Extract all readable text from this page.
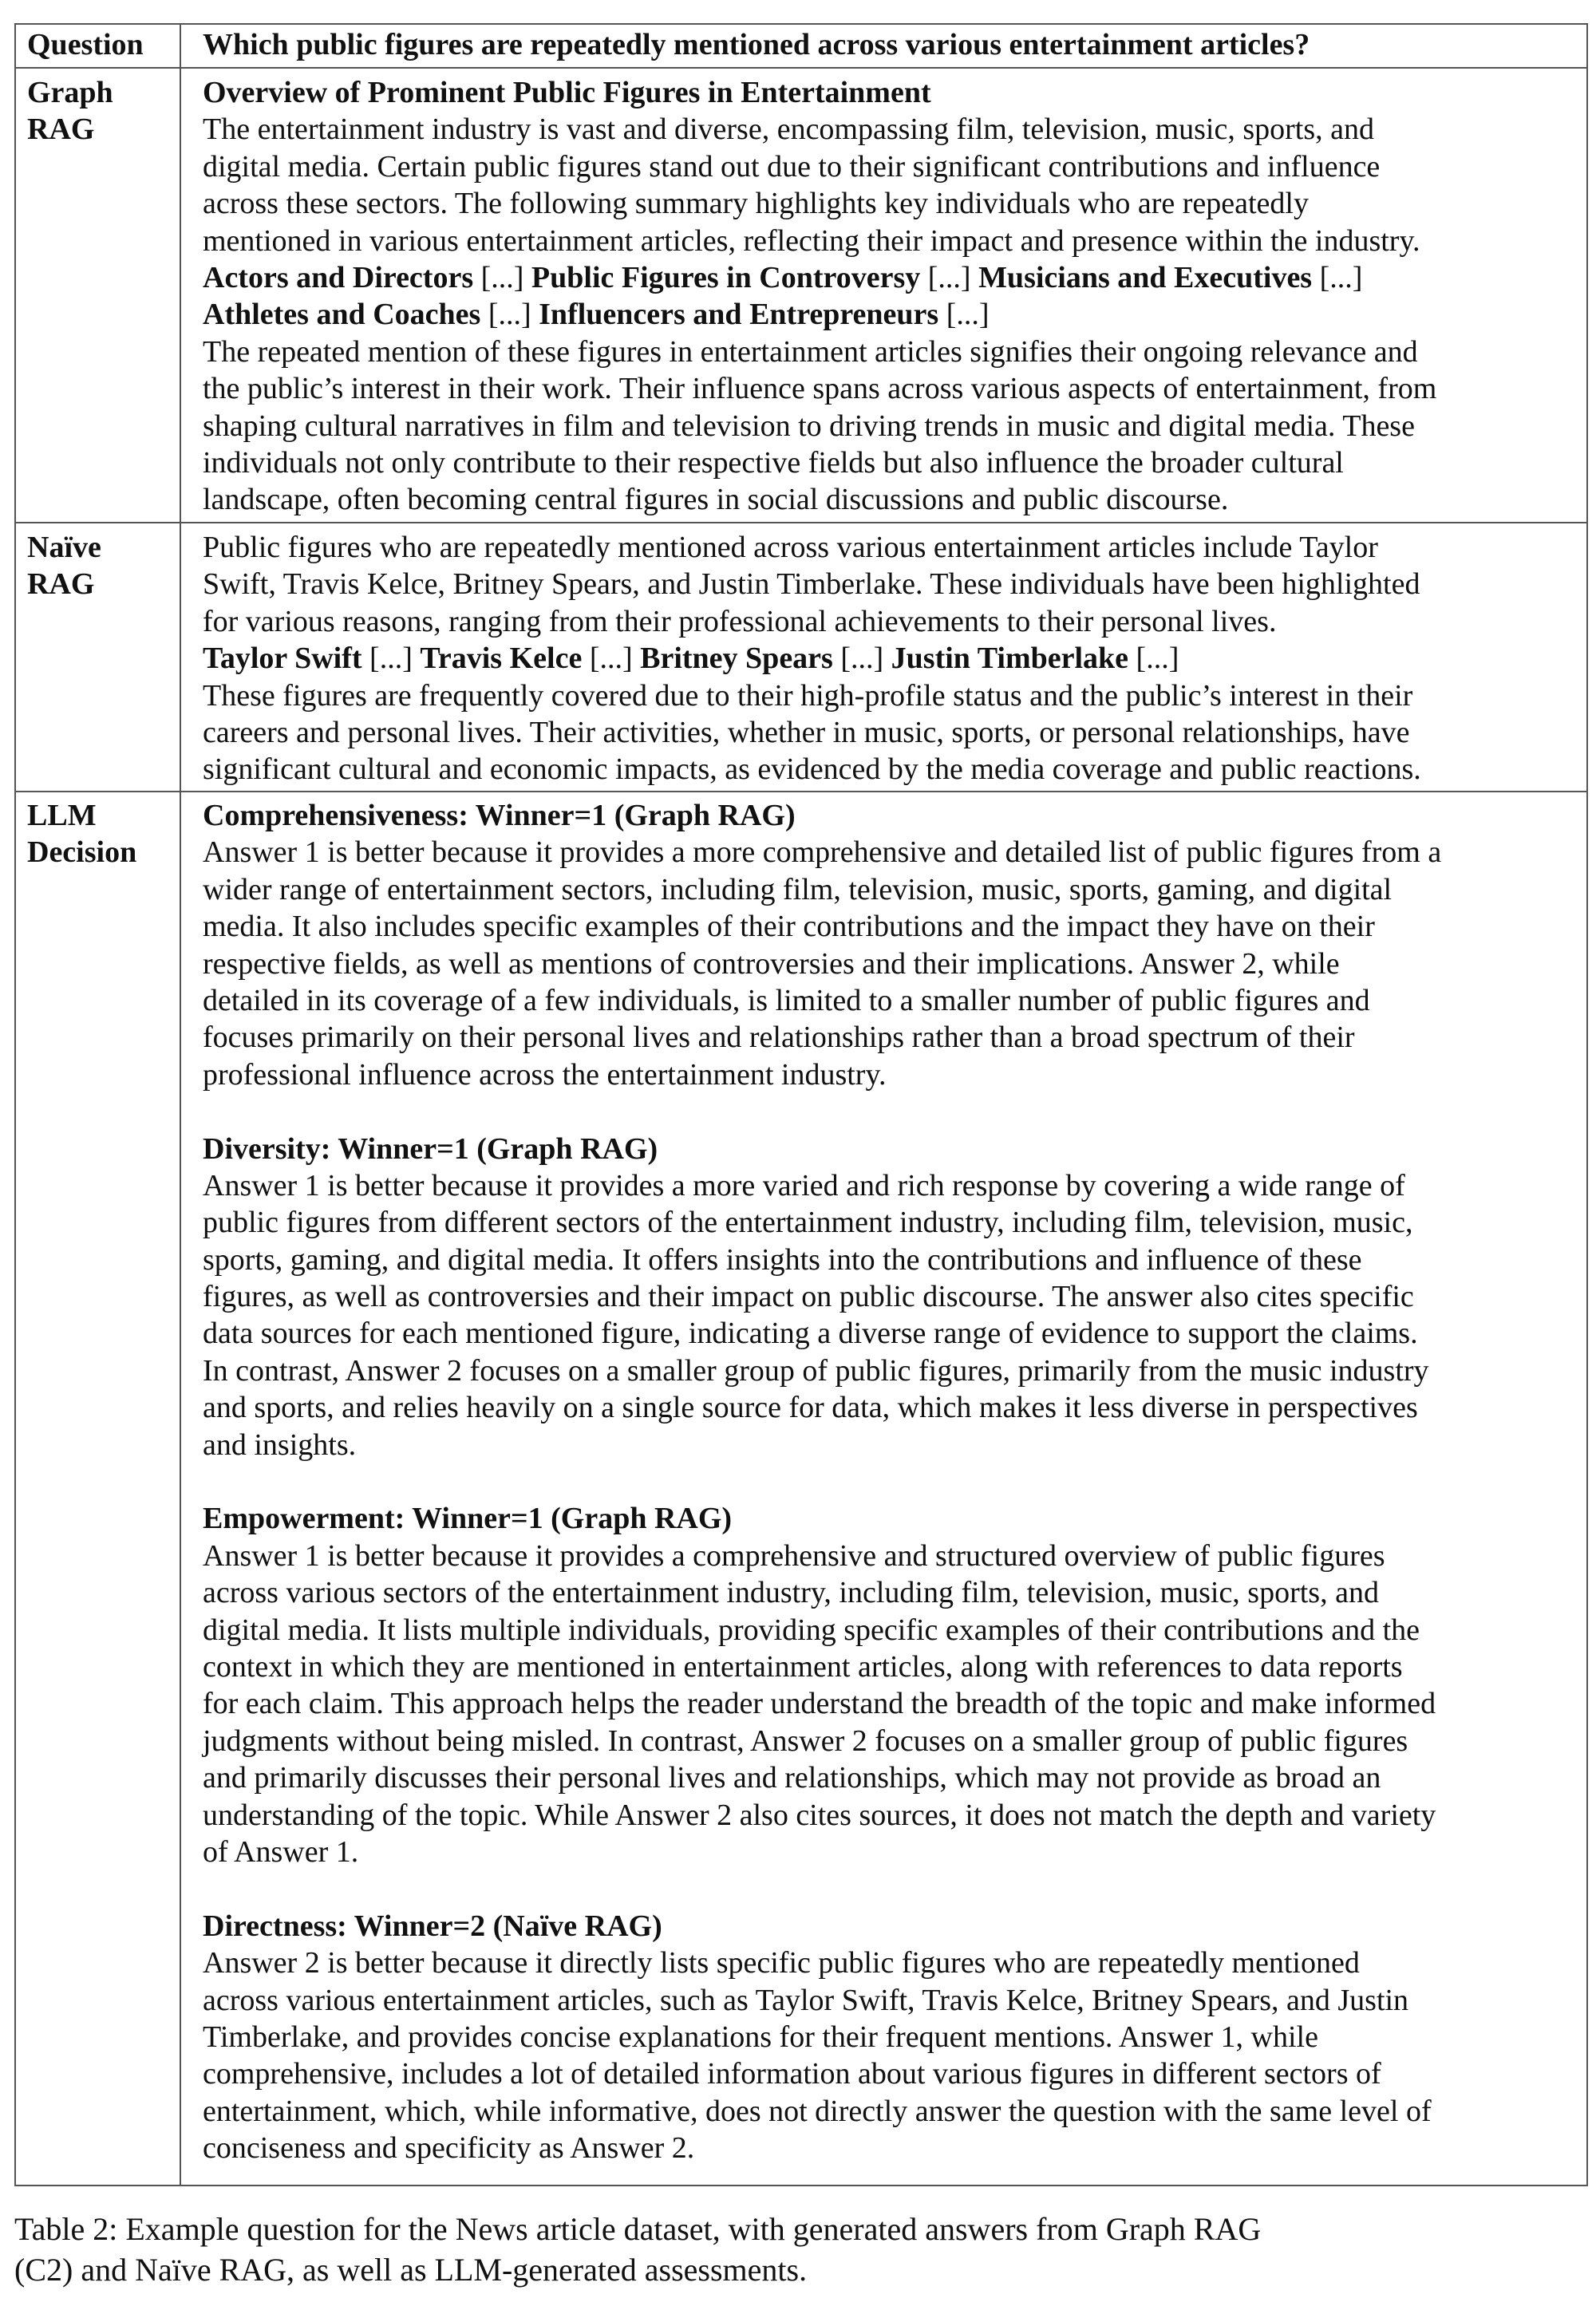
Question	Which public figures are repeatedly mentioned across various entertainment articles?
Graph
RAG
Overview of Prominent Public Figures in Entertainment
The entertainment industry is vast and diverse, encompassing film, television, music, sports, and
digital media. Certain public figures stand out due to their significant contributions and influence
across these sectors. The following summary highlights key individuals who are repeatedly
mentioned in various entertainment articles, reflecting their impact and presence within the industry.
Actors and Directors [...] Public Figures in Controversy [...] Musicians and Executives [...]
Athletes and Coaches [...] Influencers and Entrepreneurs [...]
The repeated mention of these figures in entertainment articles signifies their ongoing relevance and
the public’s interest in their work. Their influence spans across various aspects of entertainment, from
shaping cultural narratives in film and television to driving trends in music and digital media. These
individuals not only contribute to their respective fields but also influence the broader cultural
landscape, often becoming central figures in social discussions and public discourse.
Naïve
RAG
Public figures who are repeatedly mentioned across various entertainment articles include Taylor
Swift, Travis Kelce, Britney Spears, and Justin Timberlake. These individuals have been highlighted
for various reasons, ranging from their professional achievements to their personal lives.
Taylor Swift [...] Travis Kelce [...] Britney Spears [...] Justin Timberlake [...]
These figures are frequently covered due to their high-profile status and the public’s interest in their
careers and personal lives. Their activities, whether in music, sports, or personal relationships, have
significant cultural and economic impacts, as evidenced by the media coverage and public reactions.
LLM
Decision
Comprehensiveness: Winner=1 (Graph RAG)
Answer 1 is better because it provides a more comprehensive and detailed list of public figures from a
wider range of entertainment sectors, including film, television, music, sports, gaming, and digital
media. It also includes specific examples of their contributions and the impact they have on their
respective fields, as well as mentions of controversies and their implications. Answer 2, while
detailed in its coverage of a few individuals, is limited to a smaller number of public figures and
focuses primarily on their personal lives and relationships rather than a broad spectrum of their
professional influence across the entertainment industry.
Diversity: Winner=1 (Graph RAG)
Answer 1 is better because it provides a more varied and rich response by covering a wide range of
public figures from different sectors of the entertainment industry, including film, television, music,
sports, gaming, and digital media. It offers insights into the contributions and influence of these
figures, as well as controversies and their impact on public discourse. The answer also cites specific
data sources for each mentioned figure, indicating a diverse range of evidence to support the claims.
In contrast, Answer 2 focuses on a smaller group of public figures, primarily from the music industry
and sports, and relies heavily on a single source for data, which makes it less diverse in perspectives
and insights.
Empowerment: Winner=1 (Graph RAG)
Answer 1 is better because it provides a comprehensive and structured overview of public figures
across various sectors of the entertainment industry, including film, television, music, sports, and
digital media. It lists multiple individuals, providing specific examples of their contributions and the
context in which they are mentioned in entertainment articles, along with references to data reports
for each claim. This approach helps the reader understand the breadth of the topic and make informed
judgments without being misled. In contrast, Answer 2 focuses on a smaller group of public figures
and primarily discusses their personal lives and relationships, which may not provide as broad an
understanding of the topic. While Answer 2 also cites sources, it does not match the depth and variety
of Answer 1.
Directness: Winner=2 (Naïve RAG)
Answer 2 is better because it directly lists specific public figures who are repeatedly mentioned
across various entertainment articles, such as Taylor Swift, Travis Kelce, Britney Spears, and Justin
Timberlake, and provides concise explanations for their frequent mentions. Answer 1, while
comprehensive, includes a lot of detailed information about various figures in different sectors of
entertainment, which, while informative, does not directly answer the question with the same level of
conciseness and specificity as Answer 2.
Table 2: Example question for the News article dataset, with generated answers from Graph RAG
(C2) and Naïve RAG, as well as LLM-generated assessments.
